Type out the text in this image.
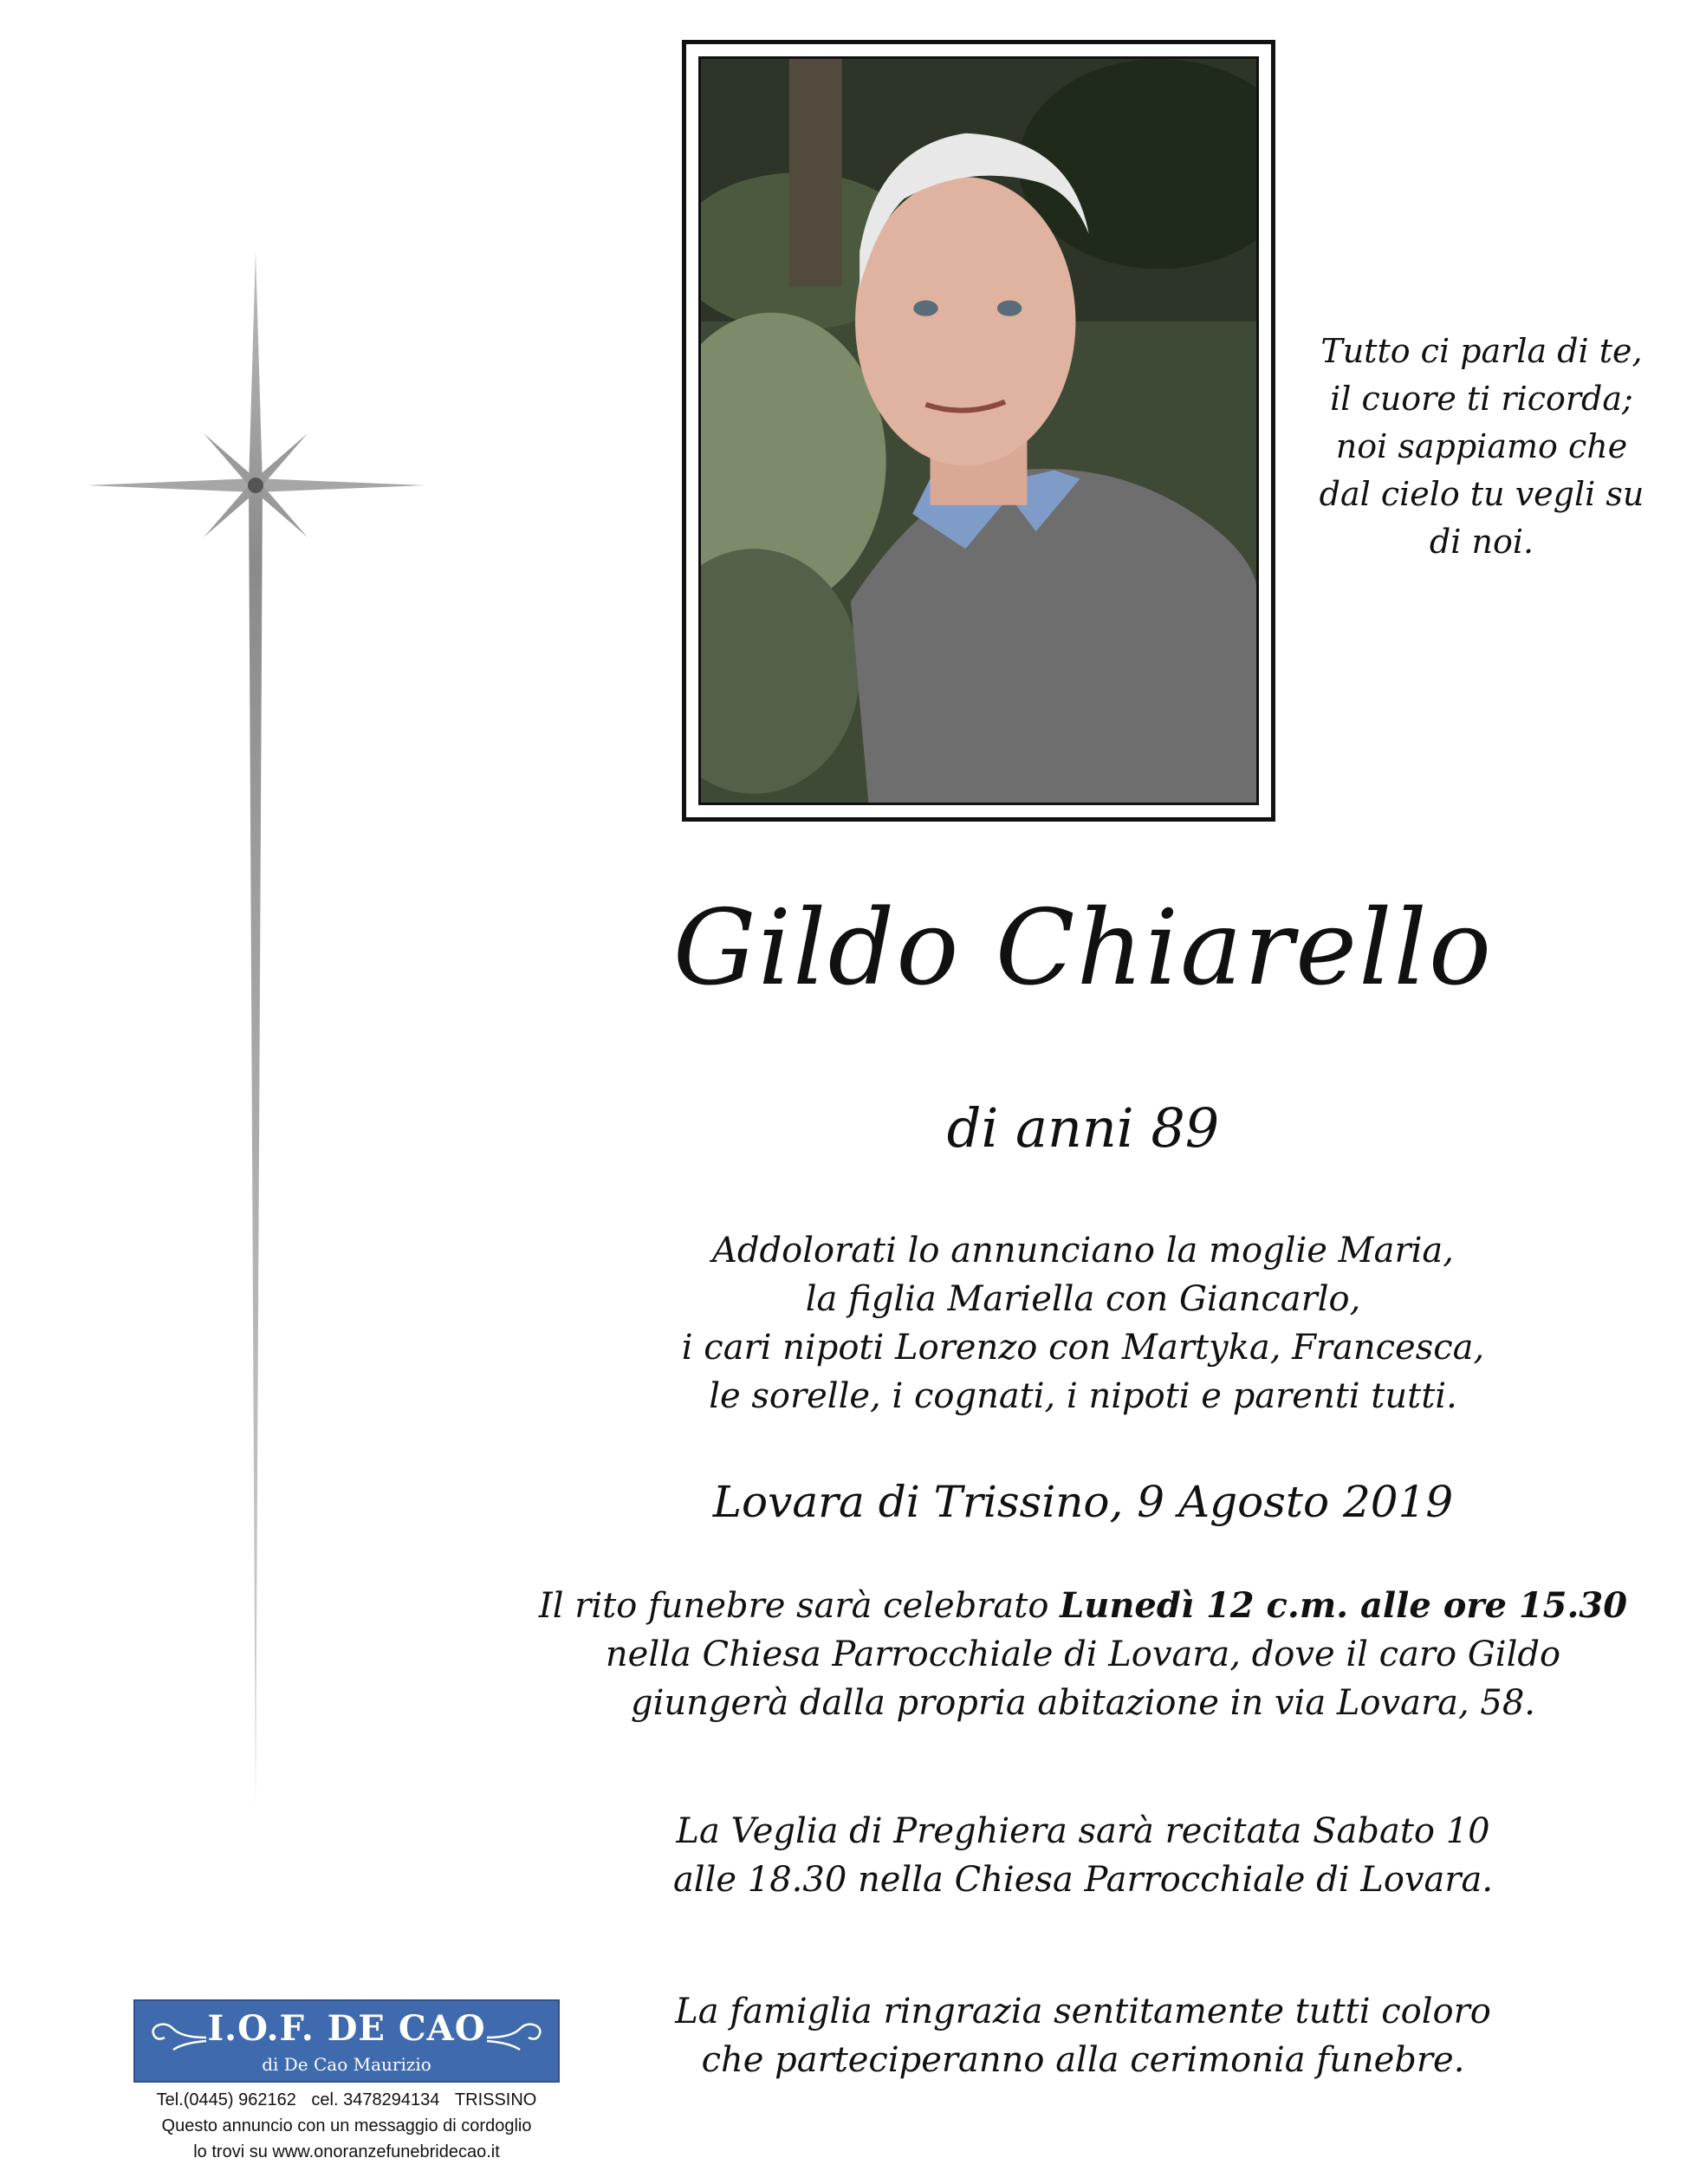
Tutto ci parla di te,
il cuore ti ricorda;
noi sappiamo che
dal cielo tu vegli su
di noi.
Gildo Chiarello
di anni 89
Addolorati lo annunciano la moglie Maria,
la figlia Mariella con Giancarlo,
i cari nipoti Lorenzo con Martyka, Francesca,
le sorelle, i cognati, i nipoti e parenti tutti.
Lovara di Trissino, 9 Agosto 2019
Il rito funebre sarà celebrato Lunedì 12 c.m. alle ore 15.30
nella Chiesa Parrocchiale di Lovara, dove il caro Gildo
giungerà dalla propria abitazione in via Lovara, 58.
La Veglia di Preghiera sarà recitata Sabato 10
alle 18.30 nella Chiesa Parrocchiale di Lovara.
La famiglia ringrazia sentitamente tutti coloro
che parteciperanno alla cerimonia funebre.
I.O.F. DE CAO
di De Cao Maurizio
Tel.(0445) 962162 cel. 3478294134 TRISSINO
Questo annuncio con un messaggio di cordoglio
lo trovi su www.onoranzefunebridecao.it
